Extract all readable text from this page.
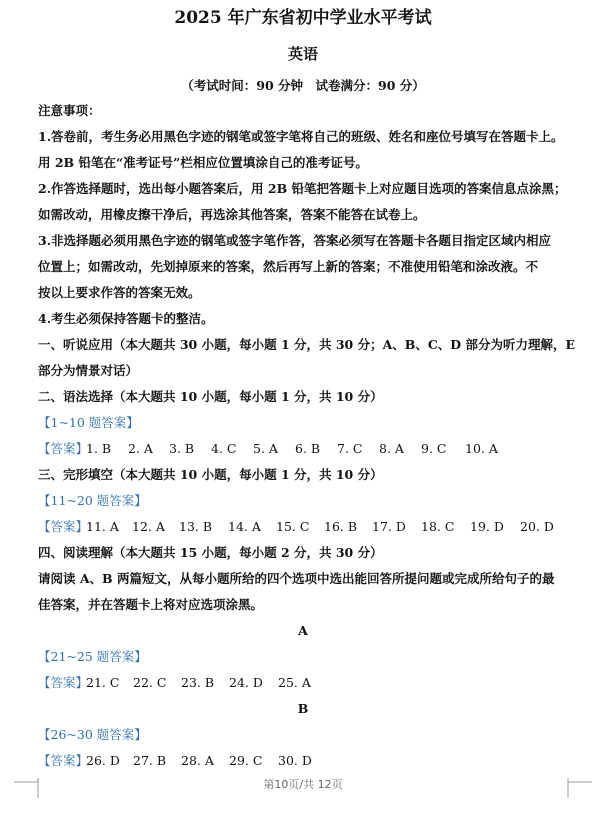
2025 年广东省初中学业水平考试
英语
（考试时间：90 分钟　试卷满分：90 分）
注意事项：
1.答卷前，考生务必用黑色字迹的钢笔或签字笔将自己的班级、姓名和座位号填写在答题卡上。
用 2B 铅笔在“准考证号”栏相应位置填涂自己的准考证号。
2.作答选择题时，选出每小题答案后，用 2B 铅笔把答题卡上对应题目选项的答案信息点涂黑；
如需改动，用橡皮擦干净后，再选涂其他答案，答案不能答在试卷上。
3.非选择题必须用黑色字迹的钢笔或签字笔作答，答案必须写在答题卡各题目指定区域内相应
位置上；如需改动，先划掉原来的答案，然后再写上新的答案；不准使用铅笔和涂改液。不
按以上要求作答的答案无效。
4.考生必须保持答题卡的整洁。
一、听说应用（本大题共 30 小题，每小题 1 分，共 30 分；A、B、C、D 部分为听力理解，E
部分为情景对话）
二、语法选择（本大题共 10 小题，每小题 1 分，共 10 分）
【1~10 题答案】
【答案】
1. B 2. A 3. B 4. C 5. A 6. B 7. C 8. A 9. C 10. A
三、完形填空（本大题共 10 小题，每小题 1 分，共 10 分）
【11~20 题答案】
【答案】
11. A 12. A 13. B 14. A 15. C 16. B 17. D 18. C 19. D 20. D
四、阅读理解（本大题共 15 小题，每小题 2 分，共 30 分）
请阅读 A、B 两篇短文，从每小题所给的四个选项中选出能回答所提问题或完成所给句子的最
佳答案，并在答题卡上将对应选项涂黑。
A
【21~25 题答案】
【答案】
21. C 22. C 23. B 24. D 25. A
B
【26~30 题答案】
【答案】
26. D 27. B 28. A 29. C 30. D
第10页/共 12页
